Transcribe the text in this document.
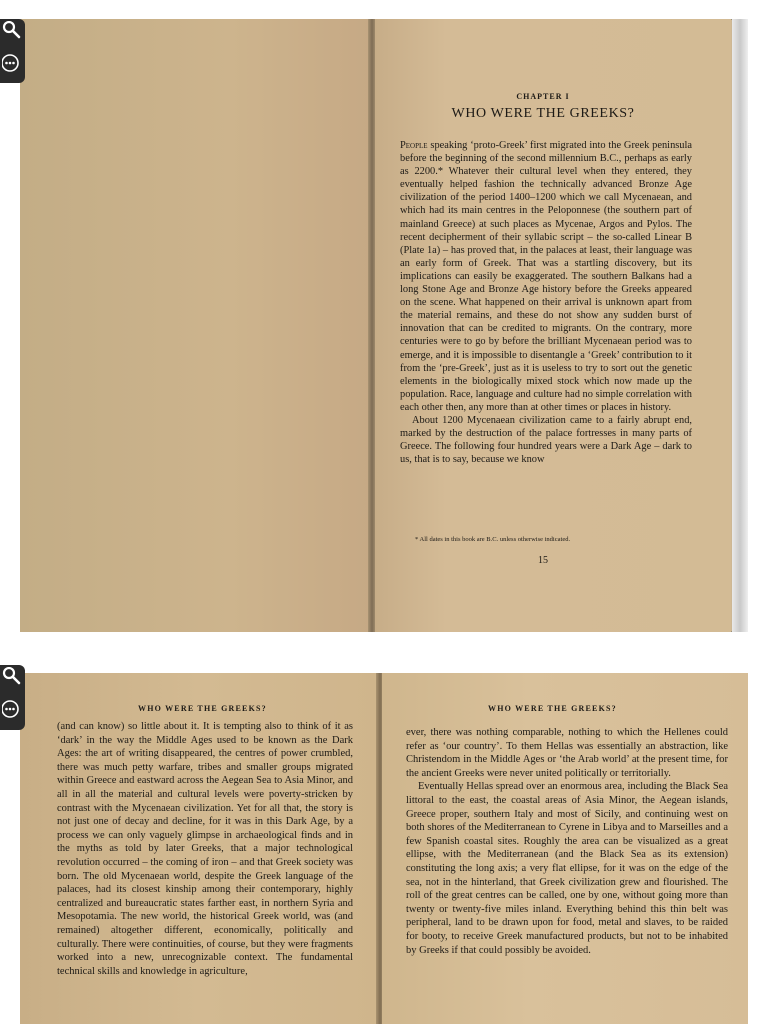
CHAPTER I
WHO WERE THE GREEKS?

People speaking ‘proto-Greek’ first migrated into the Greek peninsula before the beginning of the second millennium B.C., perhaps as early as 2200.* Whatever their cultural level when they entered, they eventually helped fashion the technically advanced Bronze Age civilization of the period 1400–1200 which we call Mycenaean, and which had its main centres in the Peloponnese (the southern part of mainland Greece) at such places as Mycenae, Argos and Pylos. The recent decipherment of their syllabic script – the so-called Linear B (Plate 1a) – has proved that, in the palaces at least, their language was an early form of Greek. That was a startling discovery, but its implications can easily be exaggerated. The southern Balkans had a long Stone Age and Bronze Age history before the Greeks appeared on the scene. What happened on their arrival is unknown apart from the material remains, and these do not show any sudden burst of innovation that can be credited to migrants. On the contrary, more centuries were to go by before the brilliant Mycenaean period was to emerge, and it is impossible to disentangle a ‘Greek’ contribution to it from the ‘pre-Greek’, just as it is useless to try to sort out the genetic elements in the biologically mixed stock which now made up the population. Race, language and culture had no simple correlation with each other then, any more than at other times or places in history.

About 1200 Mycenaean civilization came to a fairly abrupt end, marked by the destruction of the palace fortresses in many parts of Greece. The following four hundred years were a Dark Age – dark to us, that is to say, because we know

* All dates in this book are B.C. unless otherwise indicated.
15
WHO WERE THE GREEKS?

(and can know) so little about it. It is tempting also to think of it as ‘dark’ in the way the Middle Ages used to be known as the Dark Ages: the art of writing disappeared, the centres of power crumbled, there was much petty warfare, tribes and smaller groups migrated within Greece and eastward across the Aegean Sea to Asia Minor, and all in all the material and cultural levels were poverty-stricken by contrast with the Mycenaean civilization. Yet for all that, the story is not just one of decay and decline, for it was in this Dark Age, by a process we can only vaguely glimpse in archaeological finds and in the myths as told by later Greeks, that a major technological revolution occurred – the coming of iron – and that Greek society was born. The old Mycenaean world, despite the Greek language of the palaces, had its closest kinship among their contemporary, highly centralized and bureaucratic states farther east, in northern Syria and Mesopotamia. The new world, the historical Greek world, was (and remained) altogether different, economically, politically and culturally. There were continuities, of course, but they were fragments worked into a new, unrecognizable context. The fundamental technical skills and knowledge in agriculture,

WHO WERE THE GREEKS?

ever, there was nothing comparable, nothing to which the Hellenes could refer as ‘our country’. To them Hellas was essentially an abstraction, like Christendom in the Middle Ages or ‘the Arab world’ at the present time, for the ancient Greeks were never united politically or territorially.

Eventually Hellas spread over an enormous area, including the Black Sea littoral to the east, the coastal areas of Asia Minor, the Aegean islands, Greece proper, southern Italy and most of Sicily, and continuing west on both shores of the Mediterranean to Cyrene in Libya and to Marseilles and a few Spanish coastal sites. Roughly the area can be visualized as a great ellipse, with the Mediterranean (and the Black Sea as its extension) constituting the long axis; a very flat ellipse, for it was on the edge of the sea, not in the hinterland, that Greek civilization grew and flourished. The roll of the great centres can be called, one by one, without going more than twenty or twenty-five miles inland. Everything behind this thin belt was peripheral, land to be drawn upon for food, metal and slaves, to be raided for booty, to receive Greek manufactured products, but not to be inhabited by Greeks if that could possibly be avoided.
